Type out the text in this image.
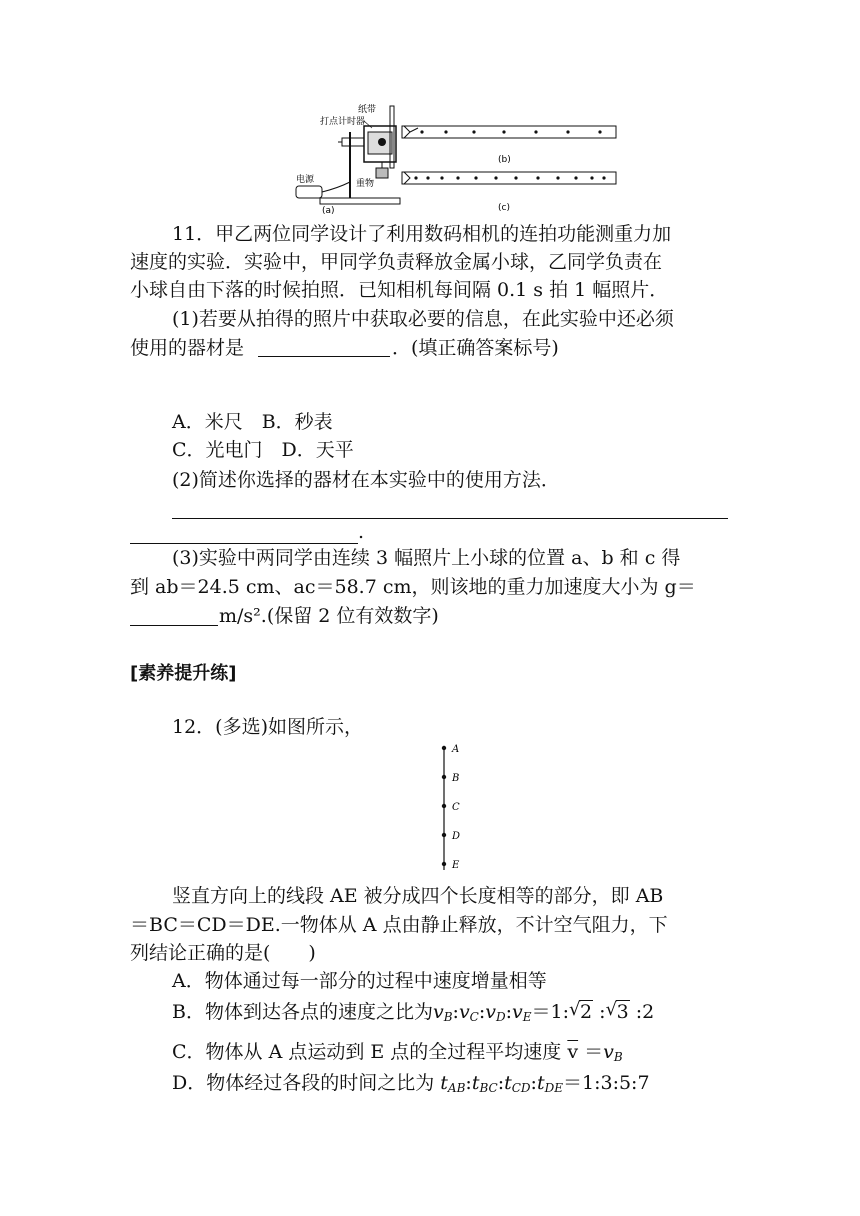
纸带
打点计时器
电源	重物
(a)
(b)
(c)
11．甲乙两位同学设计了利用数码相机的连拍功能测重力加
速度的实验．实验中，甲同学负责释放金属小球，乙同学负责在
小球自由下落的时候拍照．已知相机每间隔 0.1 s 拍 1 幅照片．
(1)若要从拍得的照片中获取必要的信息，在此实验中还必须
使用的器材是	．(填正确答案标号)
A．米尺　B．秒表
C．光电门　D．天平
(2)简述你选择的器材在本实验中的使用方法．
.
(3)实验中两同学由连续 3 幅照片上小球的位置 a、b 和 c 得
到 ab＝24.5 cm、ac＝58.7 cm，则该地的重力加速度大小为 g＝
m/s².(保留 2 位有效数字)
[素养提升练]
12．(多选)如图所示，
A
B
C
D
E
竖直方向上的线段 AE 被分成四个长度相等的部分，即 AB
＝BC＝CD＝DE.一物体从 A 点由静止释放，不计空气阻力，下
列结论正确的是(　　)
A．物体通过每一部分的过程中速度增量相等
B．物体到达各点的速度之比为$v_B:v_C:v_D:v_E=1$: √ 2 : √ 3 :2
C．物体从 A 点运动到 E 点的全过程平均速度 $\overline{v} =v_B$
D．物体经过各段的时间之比为 $t_{AB}:t_{BC}:t_{CD}:t_{DE}=1:3:5:7$
